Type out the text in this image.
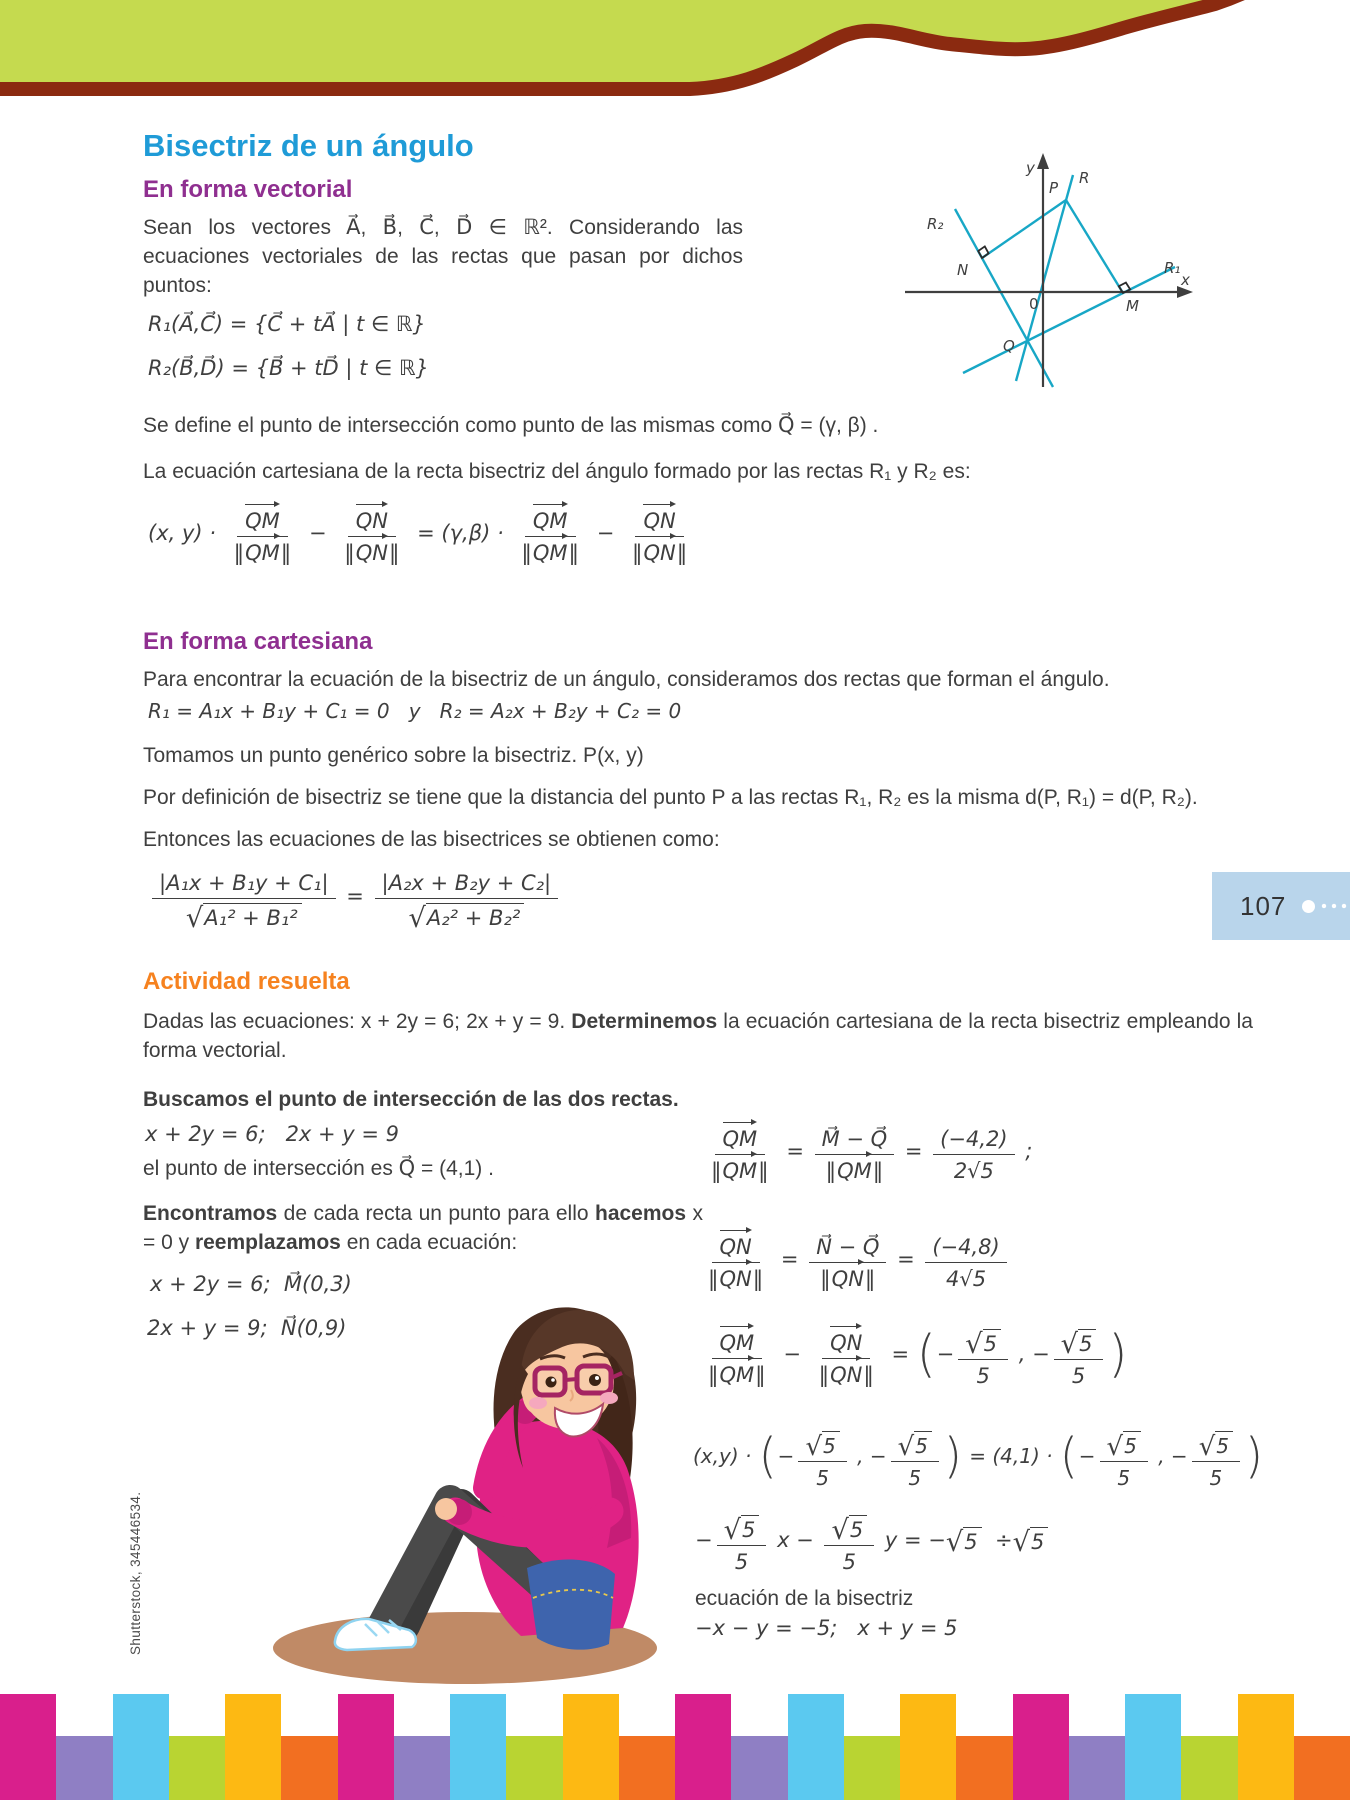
Bisectriz de un ángulo
En forma vectorial
Sean los vectores A⃗, B⃗, C⃗, D⃗ ∈ ℝ². Considerando las ecuaciones vectoriales de las rectas que pasan por dichos puntos:
R₁(A⃗,C⃗) = {C⃗ + tA⃗ | t ∈ ℝ}
R₂(B⃗,D⃗) = {B⃗ + tD⃗ | t ∈ ℝ}
Se define el punto de intersección como punto de las mismas como Q⃗ = (γ, β) .
La ecuación cartesiana de la recta bisectriz del ángulo formado por las rectas R₁ y R₂ es:
(x, $y) \cdot \frac{QM}{‖ QM ‖} - \frac{QN}{‖ QN ‖} = (\gamma,\beta) \cdot \frac{QM}{‖ QM ‖} - \frac{QN}{‖ QN ‖}$
y
x
0
R
R₁
R₂
P
N
M
Q
En forma cartesiana
Para encontrar la ecuación de la bisectriz de un ángulo, consideramos dos rectas que forman el ángulo.
R₁ = A₁x + B₁y + C₁ = 0   y   R₂ = A₂x + B₂y + C₂ = 0
Tomamos un punto genérico sobre la bisectriz. P(x, y)
Por definición de bisectriz se tiene que la distancia del punto P a las rectas R₁, R₂ es la misma d(P, R₁) = d(P, R₂).
Entonces las ecuaciones de las bisectrices se obtienen como:
$\frac{\text{|A₁x + B₁y + C₁|}}{\text{√ A₁² + B₁²}} = \frac{\text{|A₂x + B₂y + C₂|}}{\text{√ A₂² + B₂²}}$	107
Actividad resuelta
Dadas las ecuaciones: x + 2y = 6; 2x + y = 9. Determinemos la ecuación cartesiana de la recta bisectriz empleando la forma vectorial.
Buscamos el punto de intersección de las dos rectas.
x + 2y = 6;   2x + y = 9
el punto de intersección es Q⃗ = (4,1) .
Encontramos de cada recta un punto para ello hacemos x = 0 y reemplazamos en cada ecuación:
x + 2y = 6;  M⃗(0,3)
2x + y = 9;  N⃗(0,9)
$\frac{QM}{‖ QM ‖} = \frac{M⃗ - Q⃗}{‖ QM ‖} = \frac{(-4,2)}{2√5}$ ;
$\frac{QN}{‖ QN ‖} = \frac{N⃗ - Q⃗}{‖ QN ‖} = \frac{(-4,8)}{4√5}$
$\frac{QM}{‖ QM ‖} - \frac{QN}{‖ QN ‖}$ = ( − $\frac{√ 5}{5}$ , − $\frac{√ 5}{5}$ )
(x,y) · ( − $\frac{√ 5}{5}$ , − $\frac{√ 5}{5}$ ) = (4,1) · ( − $\frac{√ 5}{5}$ , − $\frac{√ 5}{5}$ )
− $\frac{√ 5}{5}$ $x - \frac{√ 5}{5}$ y = − √ 5 ÷ √ 5
ecuación de la bisectriz
−x − y = −5;   x + y = 5
Shutterstock, 345446534.
